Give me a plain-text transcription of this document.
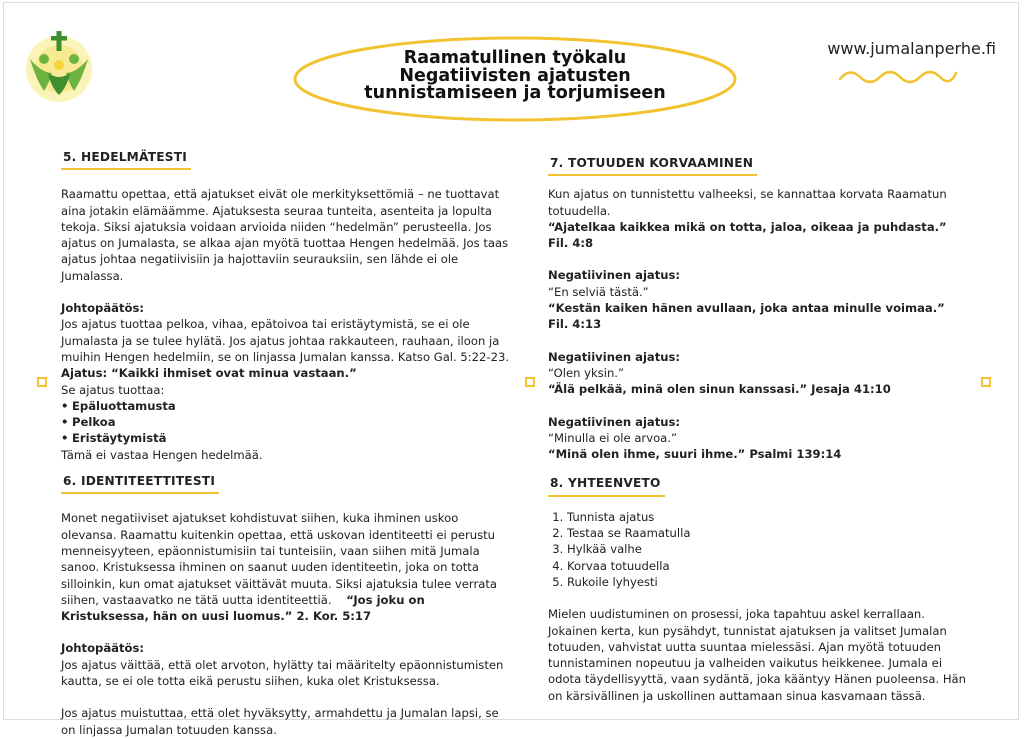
Raamatullinen työkalu
Negatiivisten ajatusten
tunnistamiseen ja torjumiseen
www.jumalanperhe.fi
5. HEDELMÄTESTI

Raamattu opettaa, että ajatukset eivät ole merkityksettömiä – ne tuottavat aina jotakin elämäämme. Ajatuksesta seuraa tunteita, asenteita ja lopulta tekoja. Siksi ajatuksia voidaan arvioida niiden “hedelmän” perusteella. Jos ajatus on Jumalasta, se alkaa ajan myötä tuottaa Hengen hedelmää. Jos taas ajatus johtaa negatiivisiin ja hajottaviin seurauksiin, sen lähde ei ole Jumalassa.

Johtopäätös:

Jos ajatus tuottaa pelkoa, vihaa, epätoivoa tai eristäytymistä, se ei ole Jumalasta ja se tulee hylätä. Jos ajatus johtaa rakkauteen, rauhaan, iloon ja muihin Hengen hedelmiin, se on linjassa Jumalan kanssa. Katso Gal. 5:22-23.

Ajatus: “Kaikki ihmiset ovat minua vastaan.”

Se ajatus tuottaa:

• Epäluottamusta
• Pelkoa
• Eristäytymistä

Tämä ei vastaa Hengen hedelmää.

6. IDENTITEETTITESTI

Monet negatiiviset ajatukset kohdistuvat siihen, kuka ihminen uskoo olevansa. Raamattu kuitenkin opettaa, että uskovan identiteetti ei perustu menneisyyteen, epäonnistumisiin tai tunteisiin, vaan siihen mitä Jumala sanoo. Kristuksessa ihminen on saanut uuden identiteetin, joka on totta silloinkin, kun omat ajatukset väittävät muuta. Siksi ajatuksia tulee verrata siihen, vastaavatko ne tätä uutta identiteettiä. “Jos joku on Kristuksessa, hän on uusi luomus.” 2. Kor. 5:17

Johtopäätös:

Jos ajatus väittää, että olet arvoton, hylätty tai määritelty epäonnistumisten kautta, se ei ole totta eikä perustu siihen, kuka olet Kristuksessa.

Jos ajatus muistuttaa, että olet hyväksytty, armahdettu ja Jumalan lapsi, se on linjassa Jumalan totuuden kanssa.

7. TOTUUDEN KORVAAMINEN

Kun ajatus on tunnistettu valheeksi, se kannattaa korvata Raamatun totuudella.

“Ajatelkaa kaikkea mikä on totta, jaloa, oikeaa ja puhdasta.” Fil. 4:8

Negatiivinen ajatus:

“En selviä tästä.”

“Kestän kaiken hänen avullaan, joka antaa minulle voimaa.” Fil. 4:13

Negatiivinen ajatus:

“Olen yksin.”

“Älä pelkää, minä olen sinun kanssasi.” Jesaja 41:10

Negatiivinen ajatus:

“Minulla ei ole arvoa.”

“Minä olen ihme, suuri ihme.” Psalmi 139:14

8. YHTEENVETO
1. Tunnista ajatus
2. Testaa se Raamatulla
3. Hylkää valhe
4. Korvaa totuudella
5. Rukoile lyhyesti

Mielen uudistuminen on prosessi, joka tapahtuu askel kerrallaan. Jokainen kerta, kun pysähdyt, tunnistat ajatuksen ja valitset Jumalan totuuden, vahvistat uutta suuntaa mielessäsi. Ajan myötä totuuden tunnistaminen nopeutuu ja valheiden vaikutus heikkenee. Jumala ei odota täydellisyyttä, vaan sydäntä, joka kääntyy Hänen puoleensa. Hän on kärsivällinen ja uskollinen auttamaan sinua kasvamaan tässä.
